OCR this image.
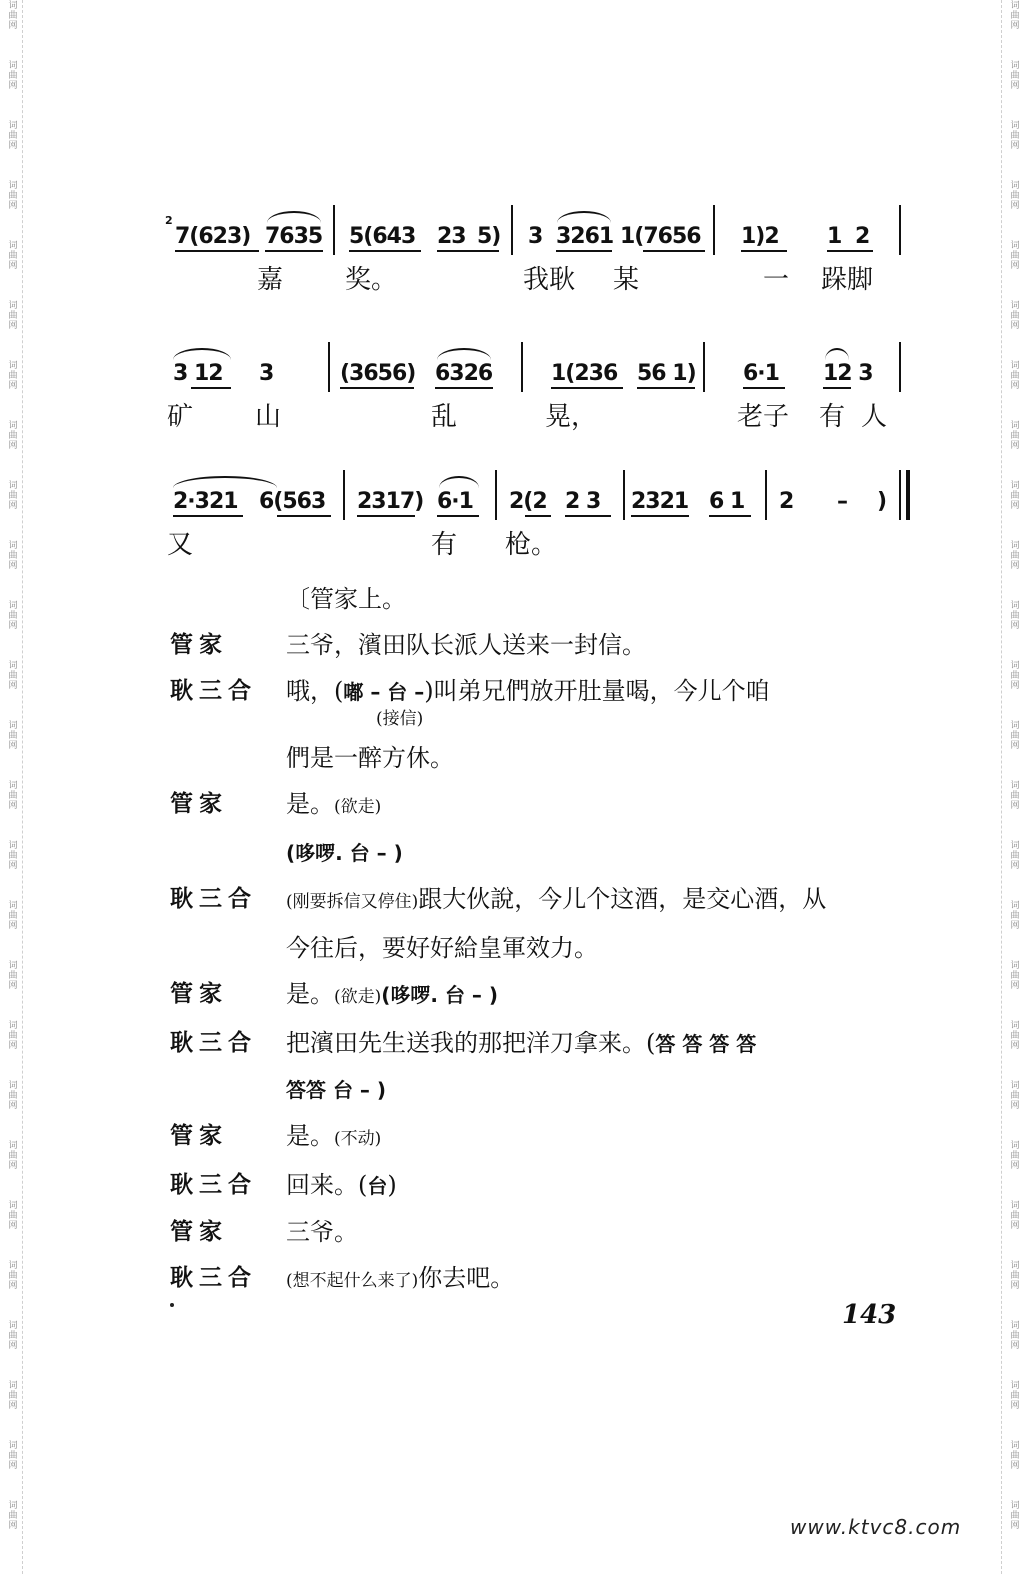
词曲网
词曲网
词曲网
词曲网
词曲网
词曲网
词曲网
词曲网
词曲网
词曲网
词曲网
词曲网
词曲网
词曲网
词曲网
词曲网
词曲网
词曲网
词曲网
词曲网
词曲网
词曲网
词曲网
词曲网
词曲网
词曲网
词曲网
词曲网
词曲网
词曲网
词曲网
词曲网
词曲网
词曲网
词曲网
词曲网
词曲网
词曲网
词曲网
词曲网
词曲网
词曲网
词曲网
词曲网
词曲网
词曲网
词曲网
词曲网
词曲网
词曲网
词曲网
词曲网
2
7(623) 7635 5(643 23 5) 3 3261 1(7656 1)2 1 2
嘉 奖。	我耿 某	一 跺脚
3 12 3	(3656) 6326	1(236 56 1) 6·1 12 3
矿 山	乱	晃，	老子 有 人
2·321 6(563 2317) 6·1 2(2 2 3 2321 6 1 2 – )
又	有 枪。
〔管家上。
管家	三爷，濱田队长派人送来一封信。
耿三合	哦，(嘟 – 台 –)叫弟兄們放开肚量喝，今儿个咱
(接信)
們是一醉方休。
管家	是。(欲走)
(哆啰. 台 – )
耿三合	(刚要拆信又停住)跟大伙說，今儿个这酒，是交心酒，从
今往后，要好好給皇軍效力。
管家	是。(欲走)(哆啰. 台 – )
耿三合	把濱田先生送我的那把洋刀拿来。(答 答 答 答
答答 台 – )
管家	是。(不动)
耿三合	回来。(台)
管家	三爷。
耿三合	(想不起什么来了)你去吧。
143
www.ktvc8.com
